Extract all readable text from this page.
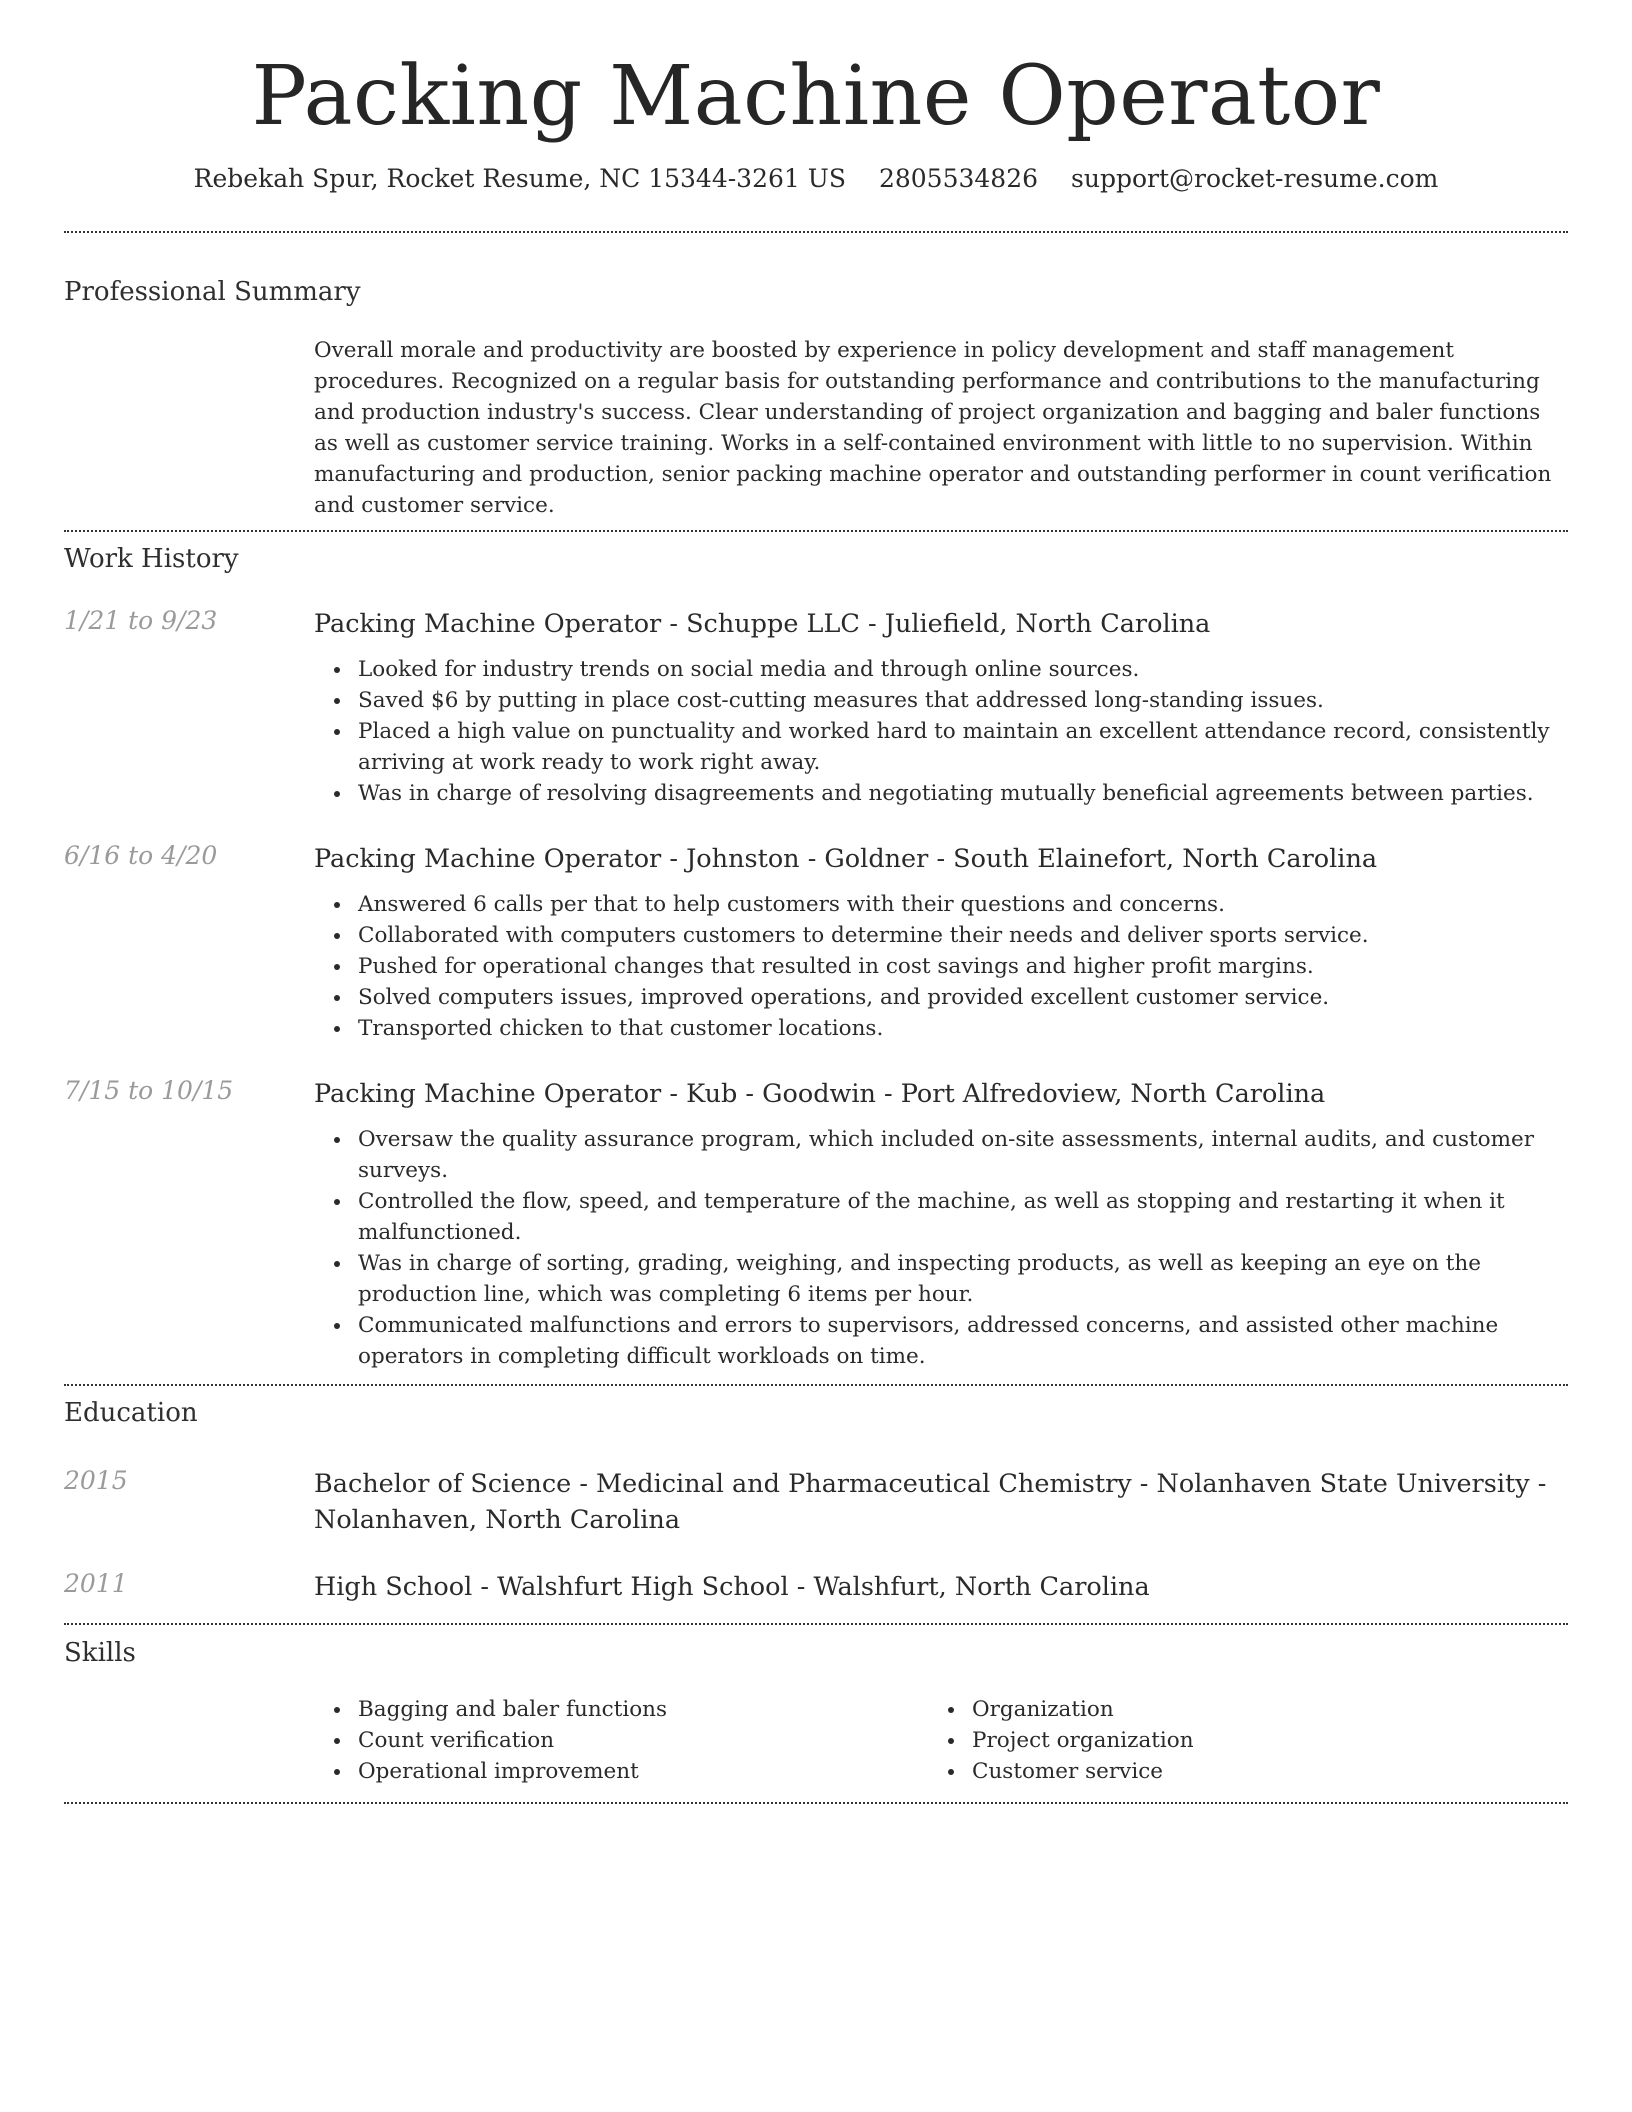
Packing Machine Operator
Rebekah Spur, Rocket Resume, NC 15344-3261 US 2805534826 support@rocket-resume.com
Professional Summary

Overall morale and productivity are boosted by experience in policy development and staff management procedures. Recognized on a regular basis for outstanding performance and contributions to the manufacturing and production industry's success. Clear understanding of project organization and bagging and baler functions as well as customer service training. Works in a self-contained environment with little to no supervision. Within manufacturing and production, senior packing machine operator and outstanding performer in count verification and customer service.

Work History
1/21 to 9/23	Packing Machine Operator - Schuppe LLC - Juliefield, North Carolina
Looked for industry trends on social media and through online sources.
Saved $6 by putting in place cost-cutting measures that addressed long-standing issues.
Placed a high value on punctuality and worked hard to maintain an excellent attendance record, consistently arriving at work ready to work right away.
Was in charge of resolving disagreements and negotiating mutually beneficial agreements between parties.
6/16 to 4/20	Packing Machine Operator - Johnston - Goldner - South Elainefort, North Carolina
Answered 6 calls per that to help customers with their questions and concerns.
Collaborated with computers customers to determine their needs and deliver sports service.
Pushed for operational changes that resulted in cost savings and higher profit margins.
Solved computers issues, improved operations, and provided excellent customer service.
Transported chicken to that customer locations.
7/15 to 10/15	Packing Machine Operator - Kub - Goodwin - Port Alfredoview, North Carolina
Oversaw the quality assurance program, which included on-site assessments, internal audits, and customer surveys.
Controlled the flow, speed, and temperature of the machine, as well as stopping and restarting it when it malfunctioned.
Was in charge of sorting, grading, weighing, and inspecting products, as well as keeping an eye on the production line, which was completing 6 items per hour.
Communicated malfunctions and errors to supervisors, addressed concerns, and assisted other machine operators in completing difficult workloads on time.
Education
2015	Bachelor of Science - Medicinal and Pharmaceutical Chemistry - Nolanhaven State University - Nolanhaven, North Carolina
2011	High School - Walshfurt High School - Walshfurt, North Carolina
Skills
Bagging and baler functions
Count verification
Operational improvement
Organization
Project organization
Customer service
